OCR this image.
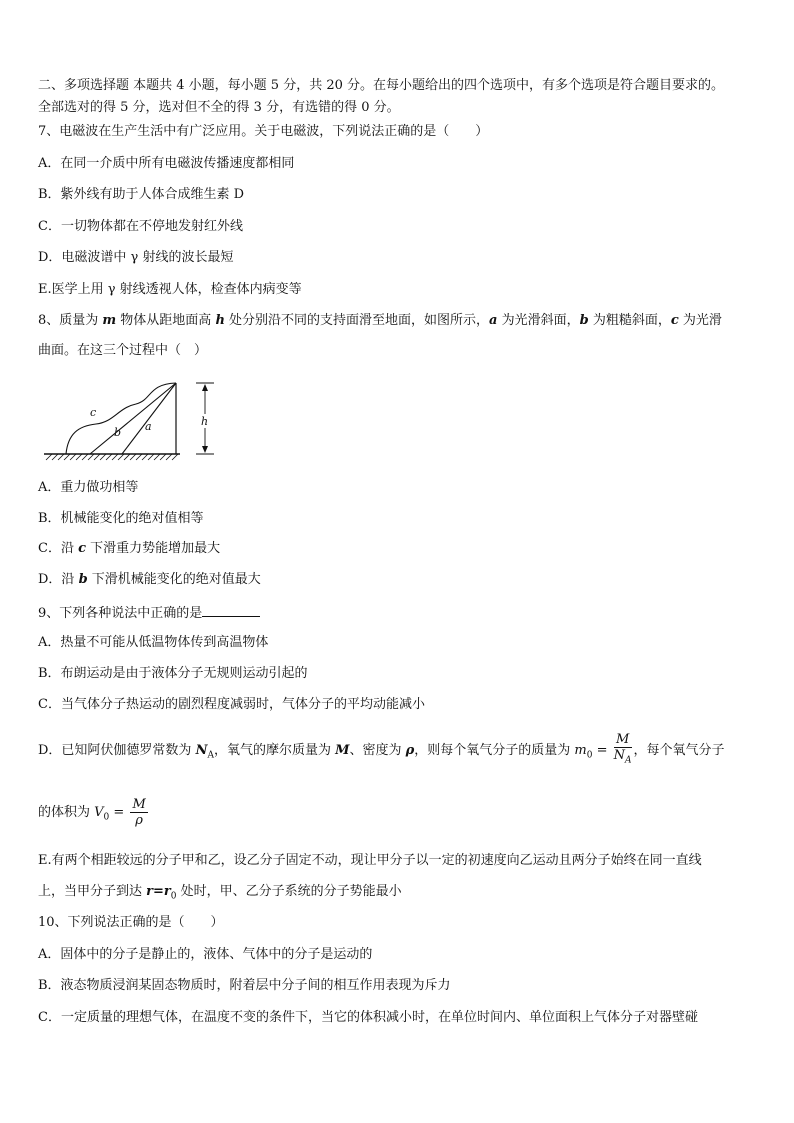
二、多项选择题 本题共 4 小题，每小题 5 分，共 20 分。在每小题给出的四个选项中，有多个选项是符合题目要求的。
全部选对的得 5 分，选对但不全的得 3 分，有选错的得 0 分。
7、电磁波在生产生活中有广泛应用。关于电磁波，下列说法正确的是（　　）
A．在同一介质中所有电磁波传播速度都相同
B．紫外线有助于人体合成维生素 D
C．一切物体都在不停地发射红外线
D．电磁波谱中 γ 射线的波长最短
E.医学上用 γ 射线透视人体，检查体内病变等
8、质量为 m 物体从距地面高 h 处分别沿不同的支持面滑至地面，如图所示，a 为光滑斜面，b 为粗糙斜面，c 为光滑
曲面。在这三个过程中（　）
h
c
b a
A．重力做功相等
B．机械能变化的绝对值相等
C．沿 c 下滑重力势能增加最大
D．沿 b 下滑机械能变化的绝对值最大
9、下列各种说法中正确的是
A．热量不可能从低温物体传到高温物体
B．布朗运动是由于液体分子无规则运动引起的
C．当气体分子热运动的剧烈程度减弱时，气体分子的平均动能减小
D．已知阿伏伽德罗常数为 $N_A$，氧气的摩尔质量为 M、密度为 ρ，则每个氧气分子的质量为 $m_0 = \frac{M}{N_A}$ ，每个氧气分子
的体积为 $V_0 = \frac{M}{\rho}$
E.有两个相距较远的分子甲和乙，设乙分子固定不动，现让甲分子以一定的初速度向乙运动且两分子始终在同一直线
上，当甲分子到达 $r=r_0$ 处时，甲、乙分子系统的分子势能最小
10、下列说法正确的是（　　）
A．固体中的分子是静止的，液体、气体中的分子是运动的
B．液态物质浸润某固态物质时，附着层中分子间的相互作用表现为斥力
C．一定质量的理想气体，在温度不变的条件下，当它的体积减小时，在单位时间内、单位面积上气体分子对器壁碰
